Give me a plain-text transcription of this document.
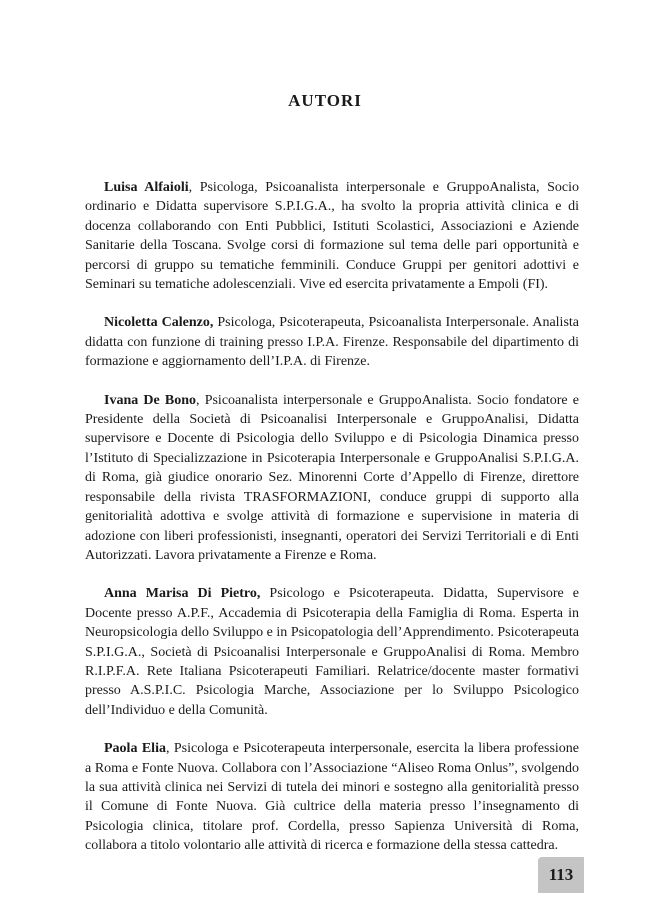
AUTORI

Luisa Alfaioli, Psicologa, Psicoanalista interpersonale e GruppoAnalista, Socio ordinario e Didatta supervisore S.P.I.G.A., ha svolto la propria attività clinica e di docenza collaborando con Enti Pubblici, Istituti Scolastici, Associazioni e Aziende Sanitarie della Toscana. Svolge corsi di formazione sul tema delle pari opportunità e percorsi di gruppo su tematiche femminili. Conduce Gruppi per genitori adottivi e Seminari su tematiche adolescenziali. Vive ed esercita privatamente a Empoli (FI).

Nicoletta Calenzo, Psicologa, Psicoterapeuta, Psicoanalista Interpersonale. Analista didatta con funzione di training presso I.P.A. Firenze. Responsabile del dipartimento di formazione e aggiornamento dell’I.P.A. di Firenze.

Ivana De Bono, Psicoanalista interpersonale e GruppoAnalista. Socio fondatore e Presidente della Società di Psicoanalisi Interpersonale e GruppoAnalisi, Didatta supervisore e Docente di Psicologia dello Sviluppo e di Psicologia Dinamica presso l’Istituto di Specializzazione in Psicoterapia Interpersonale e GruppoAnalisi S.P.I.G.A. di Roma, già giudice onorario Sez. Minorenni Corte d’Appello di Firenze, direttore responsabile della rivista TRASFORMAZIONI, conduce gruppi di supporto alla genitorialità adottiva e svolge attività di formazione e supervisione in materia di adozione con liberi professionisti, insegnanti, operatori dei Servizi Territoriali e di Enti Autorizzati. Lavora privatamente a Firenze e Roma.

Anna Marisa Di Pietro, Psicologo e Psicoterapeuta. Didatta, Supervisore e Docente presso A.P.F., Accademia di Psicoterapia della Famiglia di Roma. Esperta in Neuropsicologia dello Sviluppo e in Psicopatologia dell’Apprendimento. Psicoterapeuta S.P.I.G.A., Società di Psicoanalisi Interpersonale e GruppoAnalisi di Roma. Membro R.I.P.F.A. Rete Italiana Psicoterapeuti Familiari. Relatrice/docente master formativi presso A.S.P.I.C. Psicologia Marche, Associazione per lo Sviluppo Psicologico dell’Individuo e della Comunità.

Paola Elia, Psicologa e Psicoterapeuta interpersonale, esercita la libera professione a Roma e Fonte Nuova. Collabora con l’Associazione “Aliseo Roma Onlus”, svolgendo la sua attività clinica nei Servizi di tutela dei minori e sostegno alla genitorialità presso il Comune di Fonte Nuova. Già cultrice della materia presso l’insegnamento di Psicologia clinica, titolare prof. Cordella, presso Sapienza Università di Roma, collabora a titolo volontario alle attività di ricerca e formazione della stessa cattedra.

113
